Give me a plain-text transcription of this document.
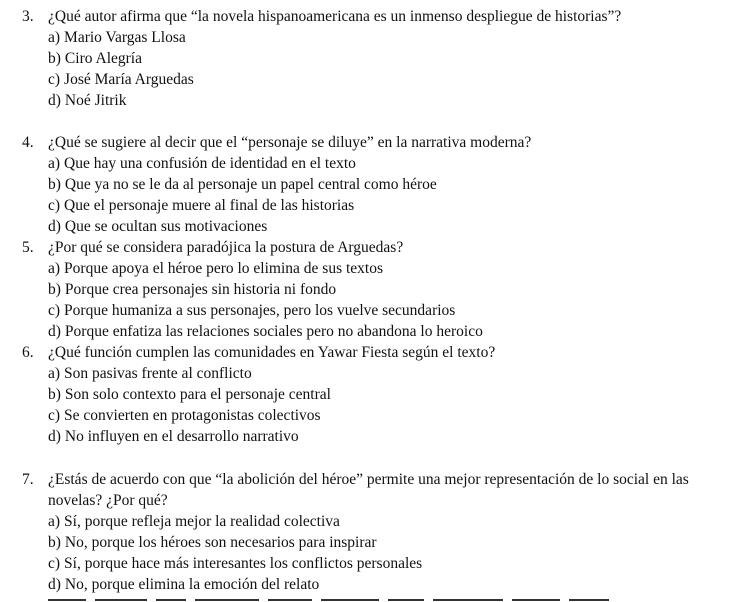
3. ¿Qué autor afirma que “la novela hispanoamericana es un inmenso despliegue de historias”?
a) Mario Vargas Llosa
b) Ciro Alegría
c) José María Arguedas
d) Noé Jitrik
4. ¿Qué se sugiere al decir que el “personaje se diluye” en la narrativa moderna?
a) Que hay una confusión de identidad en el texto
b) Que ya no se le da al personaje un papel central como héroe
c) Que el personaje muere al final de las historias
d) Que se ocultan sus motivaciones
5. ¿Por qué se considera paradójica la postura de Arguedas?
a) Porque apoya el héroe pero lo elimina de sus textos
b) Porque crea personajes sin historia ni fondo
c) Porque humaniza a sus personajes, pero los vuelve secundarios
d) Porque enfatiza las relaciones sociales pero no abandona lo heroico
6. ¿Qué función cumplen las comunidades en Yawar Fiesta según el texto?
a) Son pasivas frente al conflicto
b) Son solo contexto para el personaje central
c) Se convierten en protagonistas colectivos
d) No influyen en el desarrollo narrativo
7. ¿Estás de acuerdo con que “la abolición del héroe” permite una mejor representación de lo social en las novelas? ¿Por qué?
a) Sí, porque refleja mejor la realidad colectiva
b) No, porque los héroes son necesarios para inspirar
c) Sí, porque hace más interesantes los conflictos personales
d) No, porque elimina la emoción del relato
